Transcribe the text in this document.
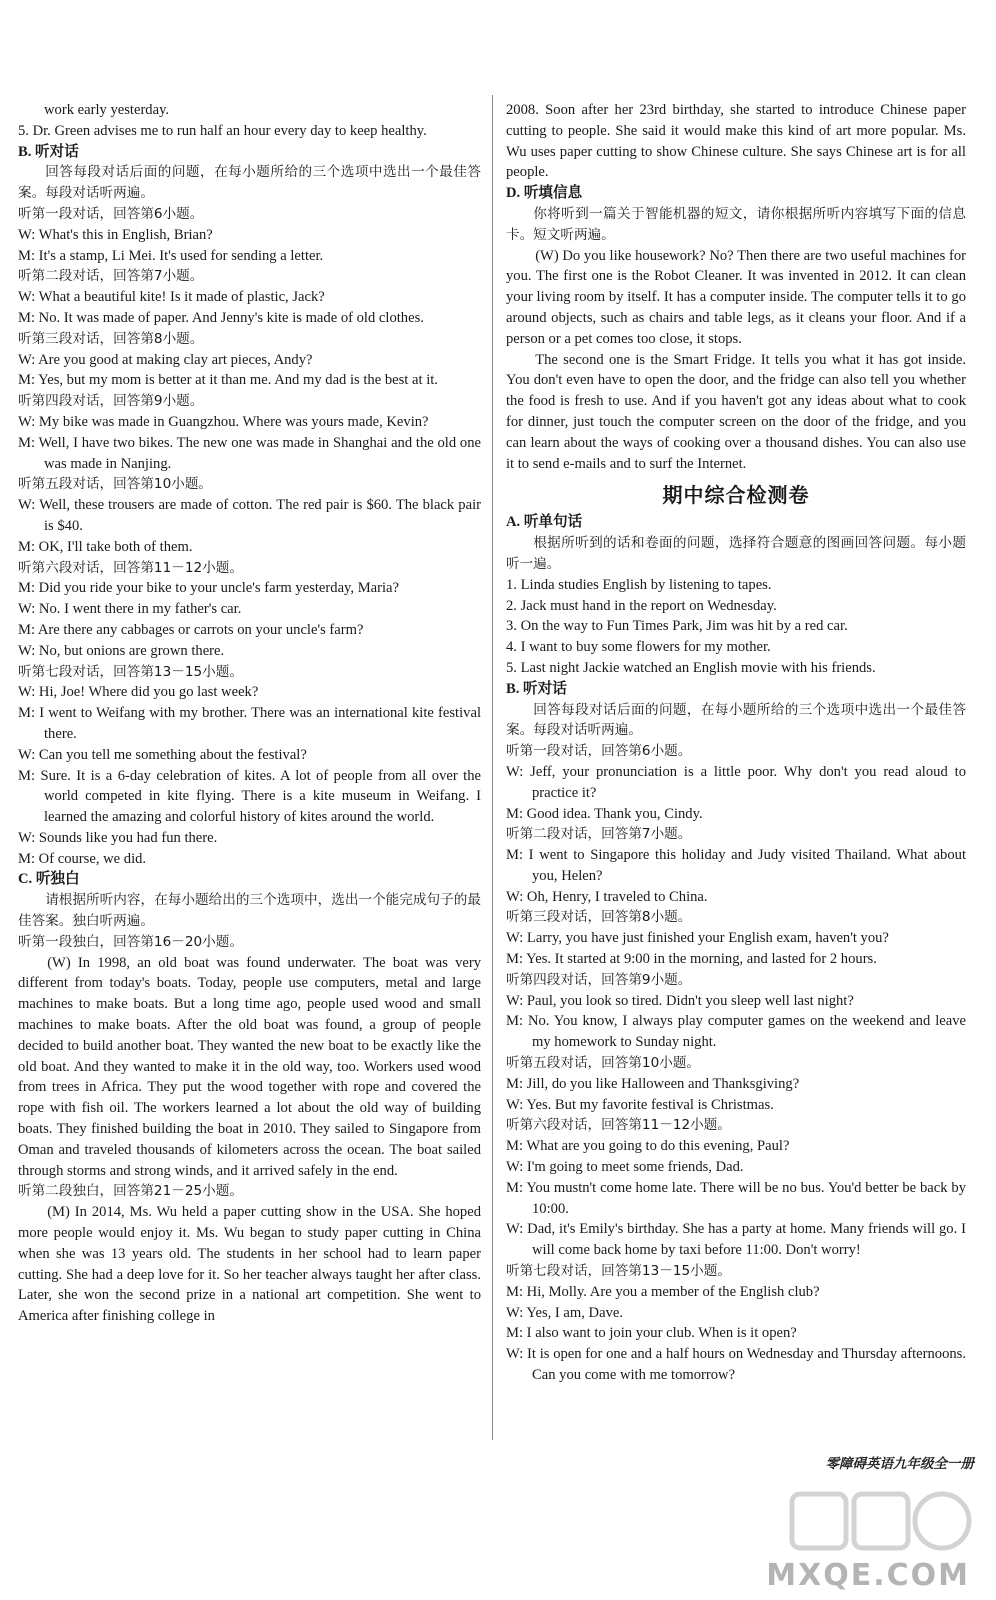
work early yesterday.

5. Dr. Green advises me to run half an hour every day to keep healthy.

B. 听对话

回答每段对话后面的问题，在每小题所给的三个选项中选出一个最佳答案。每段对话听两遍。

听第一段对话，回答第6小题。

W: What's this in English, Brian?

M: It's a stamp, Li Mei. It's used for sending a letter.

听第二段对话，回答第7小题。

W: What a beautiful kite! Is it made of plastic, Jack?

M: No. It was made of paper. And Jenny's kite is made of old clothes.

听第三段对话，回答第8小题。

W: Are you good at making clay art pieces, Andy?

M: Yes, but my mom is better at it than me. And my dad is the best at it.

听第四段对话，回答第9小题。

W: My bike was made in Guangzhou. Where was yours made, Kevin?

M: Well, I have two bikes. The new one was made in Shanghai and the old one was made in Nanjing.

听第五段对话，回答第10小题。

W: Well, these trousers are made of cotton. The red pair is $60. The black pair is $40.

M: OK, I'll take both of them.

听第六段对话，回答第11－12小题。

M: Did you ride your bike to your uncle's farm yesterday, Maria?

W: No. I went there in my father's car.

M: Are there any cabbages or carrots on your uncle's farm?

W: No, but onions are grown there.

听第七段对话，回答第13－15小题。

W: Hi, Joe! Where did you go last week?

M: I went to Weifang with my brother. There was an international kite festival there.

W: Can you tell me something about the festival?

M: Sure. It is a 6-day celebration of kites. A lot of people from all over the world competed in kite flying. There is a kite museum in Weifang. I learned the amazing and colorful history of kites around the world.

W: Sounds like you had fun there.

M: Of course, we did.

C. 听独白

请根据所听内容，在每小题给出的三个选项中，选出一个能完成句子的最佳答案。独白听两遍。

听第一段独白，回答第16－20小题。

(W) In 1998, an old boat was found underwater. The boat was very different from today's boats. Today, people use computers, metal and large machines to make boats. But a long time ago, people used wood and small machines to make boats. After the old boat was found, a group of people decided to build another boat. They wanted the new boat to be exactly like the old boat. And they wanted to make it in the old way, too. Workers used wood from trees in Africa. They put the wood together with rope and covered the rope with fish oil. The workers learned a lot about the old way of building boats. They finished building the boat in 2010. They sailed to Singapore from Oman and traveled thousands of kilometers across the ocean. The boat sailed through storms and strong winds, and it arrived safely in the end.

听第二段独白，回答第21－25小题。

(M) In 2014, Ms. Wu held a paper cutting show in the USA. She hoped more people would enjoy it. Ms. Wu began to study paper cutting in China when she was 13 years old. The students in her school had to learn paper cutting. She had a deep love for it. So her teacher always taught her after class. Later, she won the second prize in a national art competition. She went to America after finishing college in

2008. Soon after her 23rd birthday, she started to introduce Chinese paper cutting to people. She said it would make this kind of art more popular. Ms. Wu uses paper cutting to show Chinese culture. She says Chinese art is for all people.

D. 听填信息

你将听到一篇关于智能机器的短文，请你根据所听内容填写下面的信息卡。短文听两遍。

(W) Do you like housework? No? Then there are two useful machines for you. The first one is the Robot Cleaner. It was invented in 2012. It can clean your living room by itself. It has a computer inside. The computer tells it to go around objects, such as chairs and table legs, as it cleans your floor. And if a person or a pet comes too close, it stops.

The second one is the Smart Fridge. It tells you what it has got inside. You don't even have to open the door, and the fridge can also tell you whether the food is fresh to use. And if you haven't got any ideas about what to cook for dinner, just touch the computer screen on the door of the fridge, and you can learn about the ways of cooking over a thousand dishes. You can also use it to send e-mails and to surf the Internet.

期中综合检测卷

A. 听单句话

根据所听到的话和卷面的问题，选择符合题意的图画回答问题。每小题听一遍。

1. Linda studies English by listening to tapes.

2. Jack must hand in the report on Wednesday.

3. On the way to Fun Times Park, Jim was hit by a red car.

4. I want to buy some flowers for my mother.

5. Last night Jackie watched an English movie with his friends.

B. 听对话

回答每段对话后面的问题，在每小题所给的三个选项中选出一个最佳答案。每段对话听两遍。

听第一段对话，回答第6小题。

W: Jeff, your pronunciation is a little poor. Why don't you read aloud to practice it?

M: Good idea. Thank you, Cindy.

听第二段对话，回答第7小题。

M: I went to Singapore this holiday and Judy visited Thailand. What about you, Helen?

W: Oh, Henry, I traveled to China.

听第三段对话，回答第8小题。

W: Larry, you have just finished your English exam, haven't you?

M: Yes. It started at 9:00 in the morning, and lasted for 2 hours.

听第四段对话，回答第9小题。

W: Paul, you look so tired. Didn't you sleep well last night?

M: No. You know, I always play computer games on the weekend and leave my homework to Sunday night.

听第五段对话，回答第10小题。

M: Jill, do you like Halloween and Thanksgiving?

W: Yes. But my favorite festival is Christmas.

听第六段对话，回答第11－12小题。

M: What are you going to do this evening, Paul?

W: I'm going to meet some friends, Dad.

M: You mustn't come home late. There will be no bus. You'd better be back by 10:00.

W: Dad, it's Emily's birthday. She has a party at home. Many friends will go. I will come back home by taxi before 11:00. Don't worry!

听第七段对话，回答第13－15小题。

M: Hi, Molly. Are you a member of the English club?

W: Yes, I am, Dave.

M: I also want to join your club. When is it open?

W: It is open for one and a half hours on Wednesday and Thursday afternoons. Can you come with me tomorrow?

零障碍英语九年级全一册
MXQE.COM
